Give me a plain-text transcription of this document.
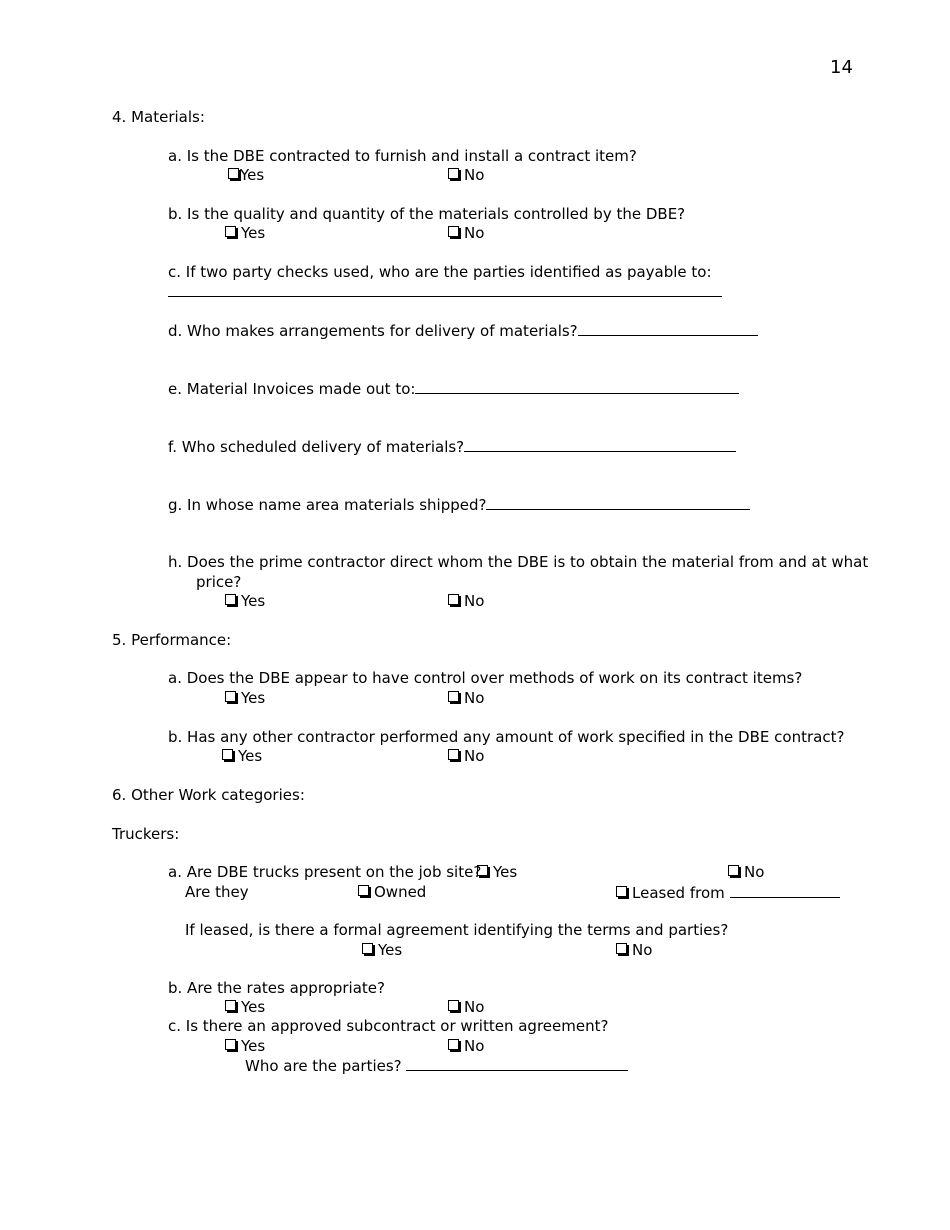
14
4. Materials:
a. Is the DBE contracted to furnish and install a contract item?
Yes	No
b. Is the quality and quantity of the materials controlled by the DBE?
Yes	No
c. If two party checks used, who are the parties identified as payable to:
d. Who makes arrangements for delivery of materials?
e. Material Invoices made out to:
f. Who scheduled delivery of materials?
g. In whose name area materials shipped?
h. Does the prime contractor direct whom the DBE is to obtain the material from and at what
price?
Yes	No
5. Performance:
a. Does the DBE appear to have control over methods of work on its contract items?
Yes	No
b. Has any other contractor performed any amount of work specified in the DBE contract?
Yes	No
6. Other Work categories:
Truckers:
a. Are DBE trucks present on the job site? Yes	No
Are they	Owned	Leased from
If leased, is there a formal agreement identifying the terms and parties?
Yes	No
b. Are the rates appropriate?
Yes	No
c. Is there an approved subcontract or written agreement?
Yes	No
Who are the parties?
